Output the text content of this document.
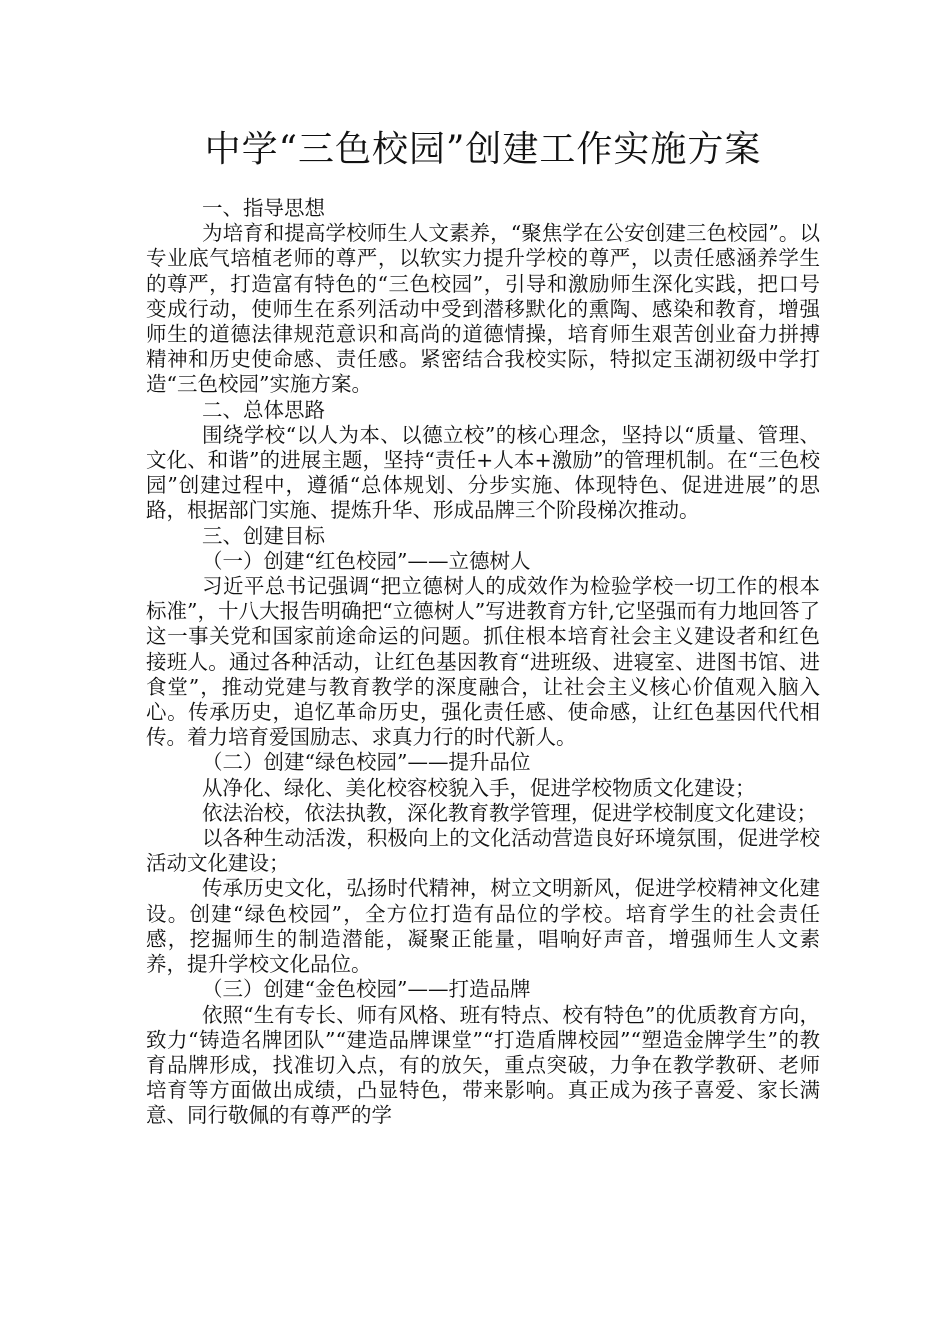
中学“三色校园”创建工作实施方案

一、指导思想

为培育和提高学校师生人文素养，“聚焦学在公安创建三色校园”。以专业底气培植老师的尊严，以软实力提升学校的尊严，以责任感涵养学生的尊严，打造富有特色的“三色校园”，引导和激励师生深化实践，把口号变成行动，使师生在系列活动中受到潜移默化的熏陶、感染和教育，增强师生的道德法律规范意识和高尚的道德情操，培育师生艰苦创业奋力拼搏精神和历史使命感、责任感。紧密结合我校实际，特拟定玉湖初级中学打造“三色校园”实施方案。

二、总体思路

围绕学校“以人为本、以德立校”的核心理念，坚持以“质量、管理、文化、和谐”的进展主题，坚持“责任+人本+激励”的管理机制。在“三色校园”创建过程中，遵循“总体规划、分步实施、体现特色、促进进展”的思路，根据部门实施、提炼升华、形成品牌三个阶段梯次推动。

三、创建目标

（一）创建“红色校园”——立德树人

习近平总书记强调“把立德树人的成效作为检验学校一切工作的根本标准”，十八大报告明确把“立德树人”写进教育方针,它坚强而有力地回答了这一事关党和国家前途命运的问题。抓住根本培育社会主义建设者和红色接班人。通过各种活动，让红色基因教育“进班级、进寝室、进图书馆、进食堂”，推动党建与教育教学的深度融合，让社会主义核心价值观入脑入心。传承历史，追忆革命历史，强化责任感、使命感，让红色基因代代相传。着力培育爱国励志、求真力行的时代新人。

（二）创建“绿色校园”——提升品位

从净化、绿化、美化校容校貌入手，促进学校物质文化建设；

依法治校，依法执教，深化教育教学管理，促进学校制度文化建设；

以各种生动活泼，积极向上的文化活动营造良好环境氛围，促进学校活动文化建设；

传承历史文化，弘扬时代精神，树立文明新风，促进学校精神文化建设。创建“绿色校园”，全方位打造有品位的学校。培育学生的社会责任感，挖掘师生的制造潜能，凝聚正能量，唱响好声音，增强师生人文素养，提升学校文化品位。

（三）创建“金色校园”——打造品牌

依照“生有专长、师有风格、班有特点、校有特色”的优质教育方向，致力“铸造名牌团队”“建造品牌课堂”“打造盾牌校园”“塑造金牌学生”的教育品牌形成，找准切入点，有的放矢，重点突破，力争在教学教研、老师培育等方面做出成绩，凸显特色，带来影响。真正成为孩子喜爱、家长满意、同行敬佩的有尊严的学
